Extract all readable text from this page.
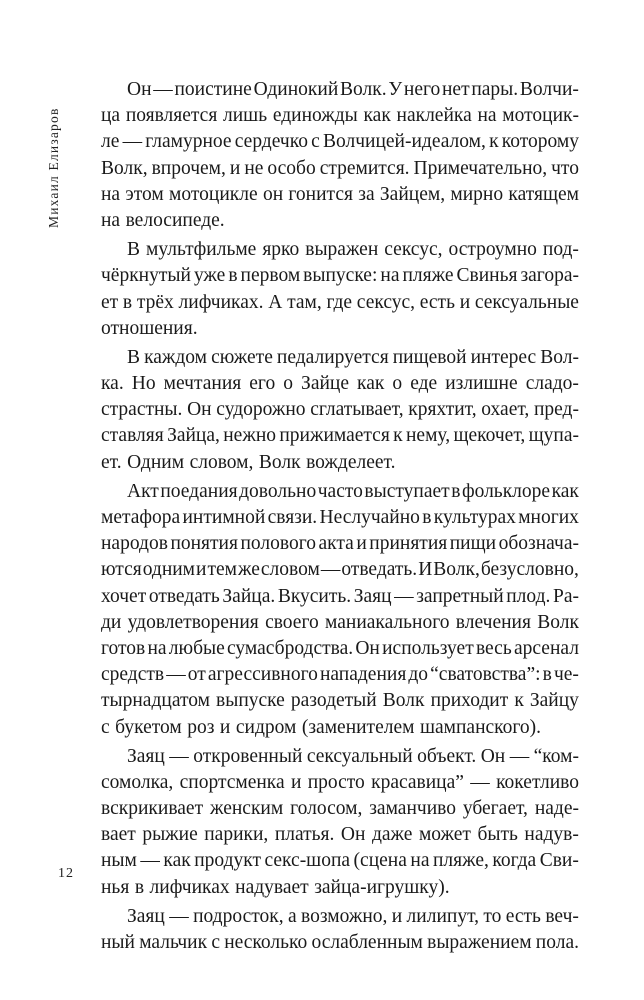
Михаил Елизаров
12
Он — поистине Одинокий Волк. У него нет пары. Волчи-
ца появляется лишь единожды как наклейка на мотоцик-
ле — гламурное сердечко с Волчицей-идеалом, к которому
Волк, впрочем, и не особо стремится. Примечательно, что
на этом мотоцикле он гонится за Зайцем, мирно катящем
на велосипеде.
В мультфильме ярко выражен сексус, остроумно под-
чёркнутый уже в первом выпуске: на пляже Свинья загора-
ет в трёх лифчиках. А там, где сексус, есть и сексуальные
отношения.
В каждом сюжете педалируется пищевой интерес Вол-
ка. Но мечтания его о Зайце как о еде излишне сладо-
страстны. Он судорожно сглатывает, кряхтит, охает, пред-
ставляя Зайца, нежно прижимается к нему, щекочет, щупа-
ет. Одним словом, Волк вожделеет.
Акт поедания довольно часто выступает в фольклоре как
метафора интимной связи. Неслучайно в культурах многих
народов понятия полового акта и принятия пищи обознача-
ются одним и тем же словом — отведать. И Волк, безусловно,
хочет отведать Зайца. Вкусить. Заяц — запретный плод. Ра-
ди удовлетворения своего маниакального влечения Волк
готов на любые сумасбродства. Он использует весь арсенал
средств — от агрессивного нападения до “сватовства”: в че-
тырнадцатом выпуске разодетый Волк приходит к Зайцу
с букетом роз и сидром (заменителем шампанского).
Заяц — откровенный сексуальный объект. Он — “ком-
сомолка, спортсменка и просто красавица” — кокетливо
вскрикивает женским голосом, заманчиво убегает, наде-
вает рыжие парики, платья. Он даже может быть надув-
ным — как продукт секс-шопа (сцена на пляже, когда Сви-
нья в лифчиках надувает зайца-игрушку).
Заяц — подросток, а возможно, и лилипут, то есть веч-
ный мальчик с несколько ослабленным выражением пола.
